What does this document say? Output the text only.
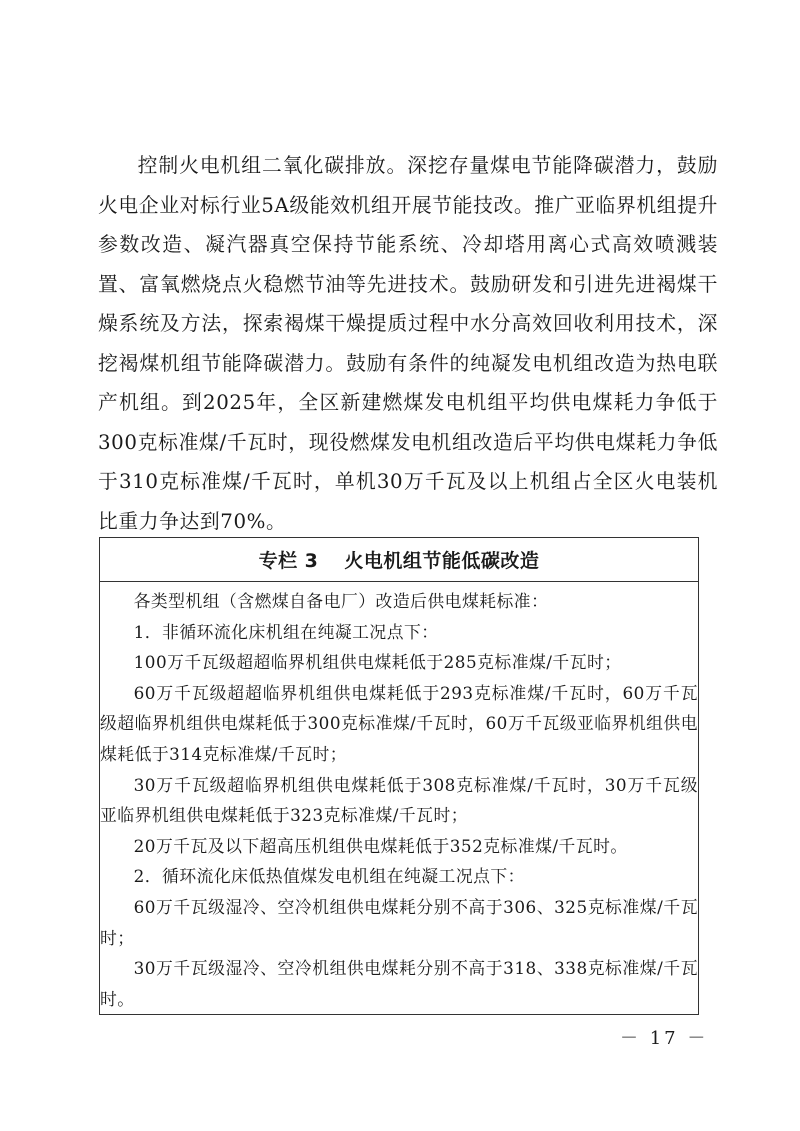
控制火电机组二氧化碳排放。深挖存量煤电节能降碳潜力，鼓励火电企业对标行业5A级能效机组开展节能技改。推广亚临界机组提升参数改造、凝汽器真空保持节能系统、冷却塔用离心式高效喷溅装置、富氧燃烧点火稳燃节油等先进技术。鼓励研发和引进先进褐煤干燥系统及方法，探索褐煤干燥提质过程中水分高效回收利用技术，深挖褐煤机组节能降碳潜力。鼓励有条件的纯凝发电机组改造为热电联产机组。到2025年，全区新建燃煤发电机组平均供电煤耗力争低于300克标准煤/千瓦时，现役燃煤发电机组改造后平均供电煤耗力争低于310克标准煤/千瓦时，单机30万千瓦及以上机组占全区火电装机比重力争达到70%。

专栏 3 火电机组节能低碳改造

各类型机组（含燃煤自备电厂）改造后供电煤耗标准：

1．非循环流化床机组在纯凝工况点下：

100万千瓦级超超临界机组供电煤耗低于285克标准煤/千瓦时；

60万千瓦级超超临界机组供电煤耗低于293克标准煤/千瓦时，60万千瓦级超临界机组供电煤耗低于300克标准煤/千瓦时，60万千瓦级亚临界机组供电煤耗低于314克标准煤/千瓦时；

30万千瓦级超临界机组供电煤耗低于308克标准煤/千瓦时，30万千瓦级亚临界机组供电煤耗低于323克标准煤/千瓦时；

20万千瓦及以下超高压机组供电煤耗低于352克标准煤/千瓦时。

2．循环流化床低热值煤发电机组在纯凝工况点下：

60万千瓦级湿冷、空冷机组供电煤耗分别不高于306、325克标准煤/千瓦时；

30万千瓦级湿冷、空冷机组供电煤耗分别不高于318、338克标准煤/千瓦时。

－ 17 －
